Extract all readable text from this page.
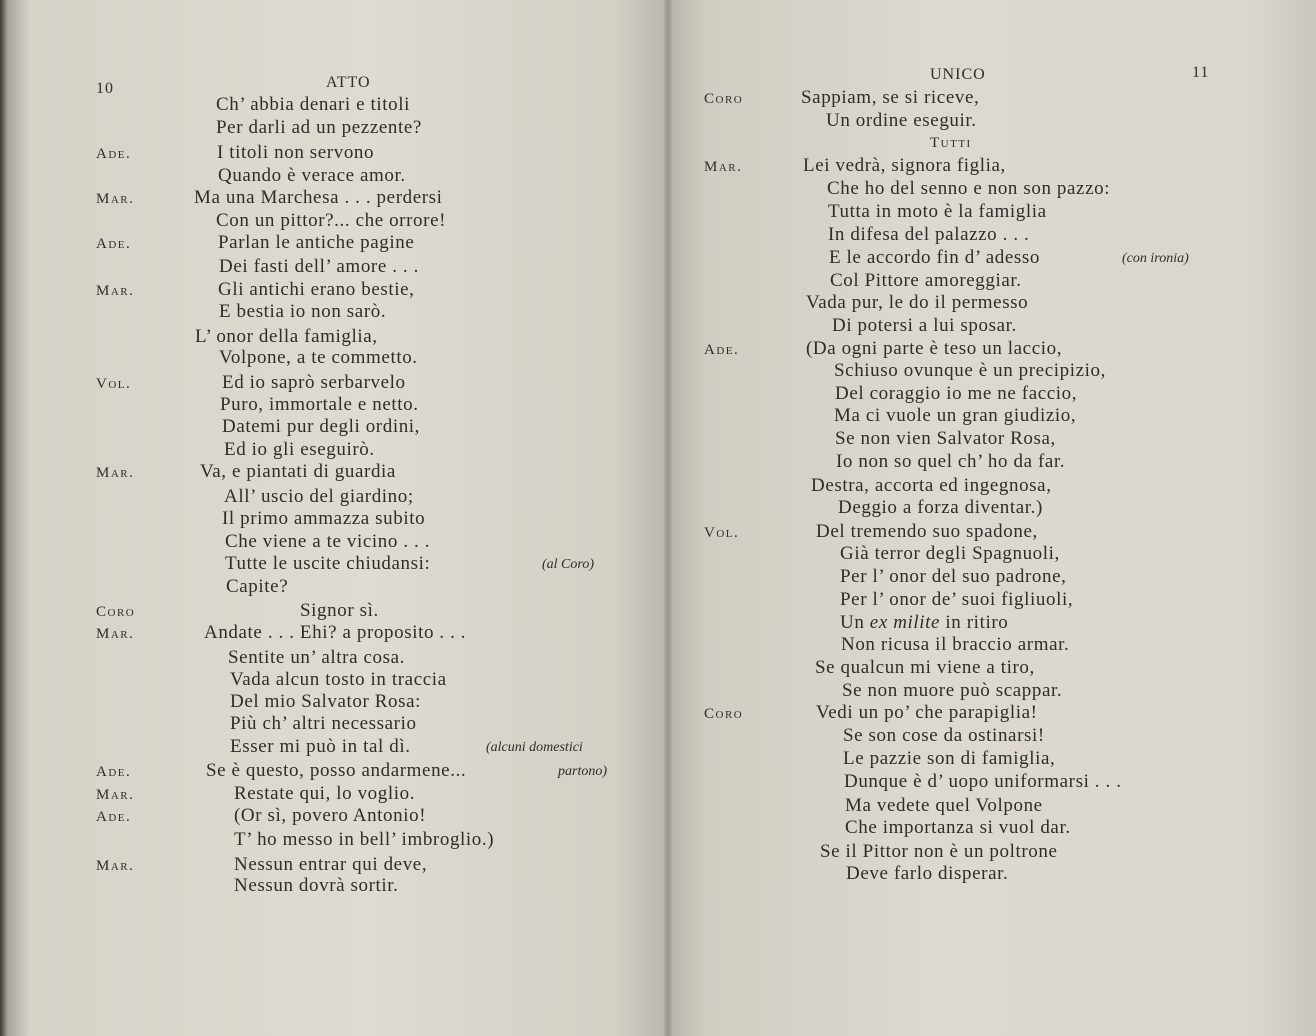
10	ATTO	UNICO	11
Ch’ abbia denari e titoli
Per darli ad un pezzente?
Ade.	I titoli non servono
Quando è verace amor.
Mar.	Ma una Marchesa . . . perdersi
Con un pittor?... che orrore!
Ade.	Parlan le antiche pagine
Dei fasti dell’ amore . . .
Mar.	Gli antichi erano bestie,
E bestia io non sarò.
L’ onor della famiglia,
Volpone, a te commetto.
Vol.	Ed io saprò serbarvelo
Puro, immortale e netto.
Datemi pur degli ordini,
Ed io gli eseguirò.
Mar.	Va, e piantati di guardia
All’ uscio del giardino;
Il primo ammazza subito
Che viene a te vicino . . .
Tutte le uscite chiudansi:	(al Coro)
Capite?
Coro	Signor sì.
Mar.	Andate . . . Ehi? a proposito . . .
Sentite un’ altra cosa.
Vada alcun tosto in traccia
Del mio Salvator Rosa:
Più ch’ altri necessario
Esser mi può in tal dì.	(alcuni domestici
Ade.	Se è questo, posso andarmene...	partono)
Mar.	Restate qui, lo voglio.
Ade.	(Or sì, povero Antonio!
T’ ho messo in bell’ imbroglio.)
Mar.	Nessun entrar qui deve,
Nessun dovrà sortir.
Coro	Sappiam, se si riceve,
Un ordine eseguir.
Tutti
Mar.	Lei vedrà, signora figlia,
Che ho del senno e non son pazzo:
Tutta in moto è la famiglia
In difesa del palazzo . . .
E le accordo fin d’ adesso	(con ironia)
Col Pittore amoreggiar.
Vada pur, le do il permesso
Di potersi a lui sposar.
Ade.	(Da ogni parte è teso un laccio,
Schiuso ovunque è un precipizio,
Del coraggio io me ne faccio,
Ma ci vuole un gran giudizio,
Se non vien Salvator Rosa,
Io non so quel ch’ ho da far.
Destra, accorta ed ingegnosa,
Deggio a forza diventar.)
Vol.	Del tremendo suo spadone,
Già terror degli Spagnuoli,
Per l’ onor del suo padrone,
Per l’ onor de’ suoi figliuoli,
Un ex milite in ritiro
Non ricusa il braccio armar.
Se qualcun mi viene a tiro,
Se non muore può scappar.
Coro	Vedi un po’ che parapiglia!
Se son cose da ostinarsi!
Le pazzie son di famiglia,
Dunque è d’ uopo uniformarsi . . .
Ma vedete quel Volpone
Che importanza si vuol dar.
Se il Pittor non è un poltrone
Deve farlo disperar.
